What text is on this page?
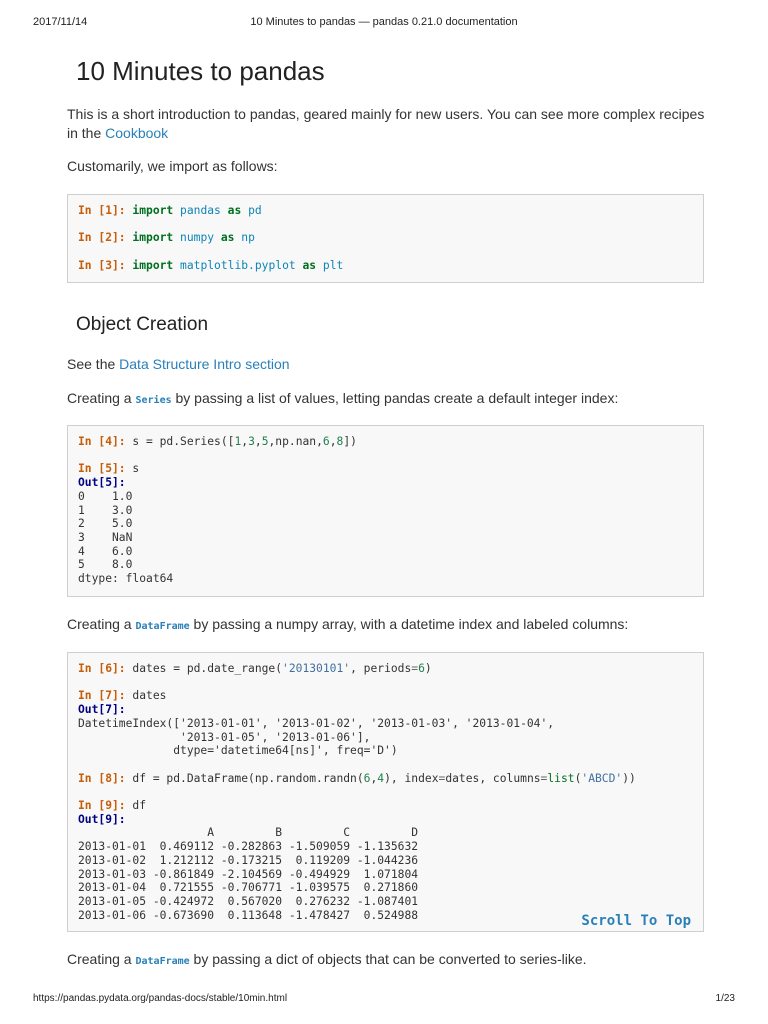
2017/11/14	10 Minutes to pandas — pandas 0.21.0 documentation
10 Minutes to pandas

This is a short introduction to pandas, geared mainly for new users. You can see more complex recipes in the Cookbook

Customarily, we import as follows:

In [1]: import pandas as pd
In [2]: import numpy as np
In [3]: import matplotlib.pyplot as plt
Object Creation

See the Data Structure Intro section

Creating a Series by passing a list of values, letting pandas create a default integer index:

In [4]: s = pd.Series([1,3,5,np.nan,6,8])
In [5]: s
Out[5]:
0    1.0
1    3.0
2    5.0
3    NaN
4    6.0
5    8.0
dtype: float64

Creating a DataFrame by passing a numpy array, with a datetime index and labeled columns:

In [6]: dates = pd.date_range('20130101', periods=6)
In [7]: dates
Out[7]:
DatetimeIndex(['2013-01-01', '2013-01-02', '2013-01-03', '2013-01-04',
'2013-01-05', '2013-01-06'],
dtype='datetime64[ns]', freq='D')
In [8]: df = pd.DataFrame(np.random.randn(6,4), index=dates, columns=list('ABCD'))
In [9]: df
Out[9]:
A         B         C         D
2013-01-01  0.469112 -0.282863 -1.509059 -1.135632
2013-01-02  1.212112 -0.173215  0.119209 -1.044236
2013-01-03 -0.861849 -2.104569 -0.494929  1.071804
2013-01-04  0.721555 -0.706771 -1.039575  0.271860
2013-01-05 -0.424972  0.567020  0.276232 -1.087401
2013-01-06 -0.673690  0.113648 -1.478427  0.524988	Scroll To Top

Creating a DataFrame by passing a dict of objects that can be converted to series-like.

https://pandas.pydata.org/pandas-docs/stable/10min.html	1/23
